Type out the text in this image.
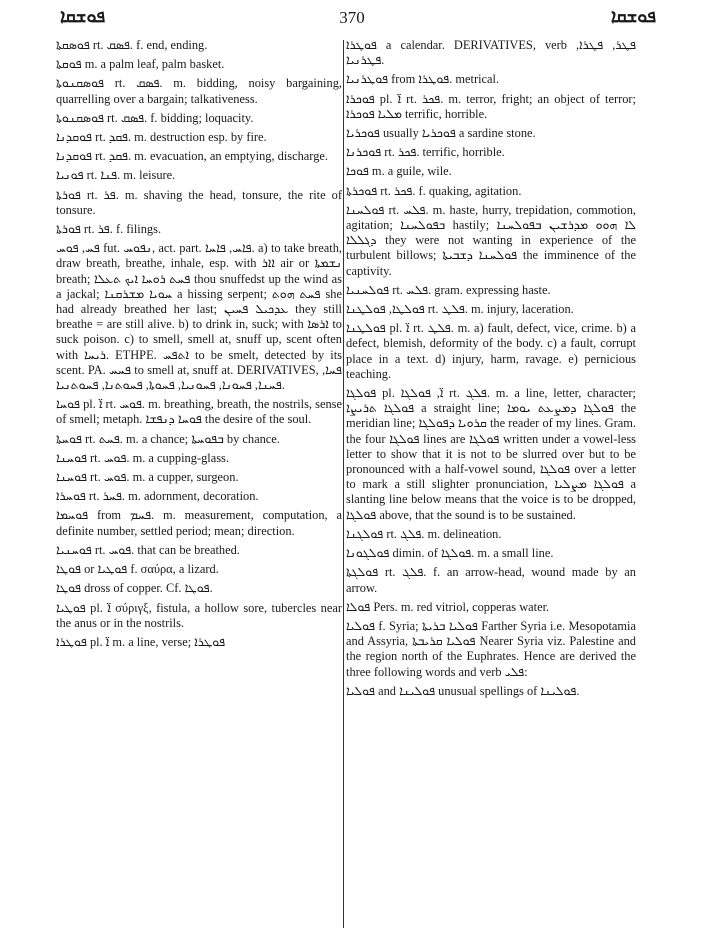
ܦܘܫܩܐ	370	ܦܘܫܩܐ

ܦܘܣܩܬܐ rt. ܦܣܩ. f. end, ending.

ܦܘܩܬܐ m. a palm leaf, palm basket.

ܦܘܣܩܢܘܬܐ rt. ܦܣܩ. m. bidding, noisy bargaining, quarrelling over a bargain; talkativeness.

ܦܘܣܩܢܘܬܐ rt. ܦܣܩ. f. bidding; loquacity.

ܦܘܩܕܢܐ rt. ܦܩܕ. m. destruction esp. by fire.

ܦܘܩܕܢܐ rt. ܦܩܕ. m. evacuation, an emptying, discharge.

ܦܘܢܝܐ rt. ܦܢܐ. m. leisure.

ܦܘܪܬܐ rt. ܦܪ. m. shaving the head, tonsure, the rite of tonsure.

ܦܘܪܬܐ rt. ܦܪ. f. filings.

ܦܚ, ܦܘܚ fut. ܢܦܘܚ, act. part. ܦܐܚ, ܦܐܚܐ. a) to take breath, draw breath, breathe, inhale, esp. with ܐܐܪ air or ܢܫܡܬܐ breath; ܦܚܬ ܪܘܚܐ ܐܝܟ ܬܥܠܐ thou snuffedst up the wind as a jackal; ܚܘܝܐ ܡܫܪܩܢܐ a hissing serpent; ܦܚܬ ܗܘܬ she had already breathed her last; ܥܕܟܝܠ ܦܚܝܢ they still breathe = are still alive. b) to drink in, suck; with ܐܪܣܐ to suck poison. c) to smell, smell at, snuff up, scent often with ܪܝܚܐ. ETHPE. ܐܬܦܚ to be smelt, detected by its scent. PA. ܦܚܚ to smell at, snuff at. DERIVATIVES, ܦܚܐ, ܦܚܢܐ, ܦܚܘܢܐ, ܦܚܘܢܝܐ, ܦܚܘܬܐ, ܦܚܘܬܢܐ, ܦܚܘܬܢܝܐ.

ܦܘܚܐ pl. ܐ̈ rt. ܦܘܚ. m. breathing, breath, the nostrils, sense of smell; metaph. ܦܘܚܐ ܕܢܦܫܐ the desire of the soul.

ܦܘܚܬܐ rt. ܦܚܬ. m. a chance; ܒܦܘܚܬܐ by chance.

ܦܘܚܢܐ rt. ܦܘܚ. m. a cupping-glass.

ܦܘܚܢܐ rt. ܦܘܚ. m. a cupper, surgeon.

ܦܘܚܪܐ rt. ܦܚܪ. m. adornment, decoration.

ܦܘܚܡܐ from ܦܚܡ. m. measurement, computation, a definite number, settled period; mean; direction.

ܦܘܚܢܝܐ rt. ܦܘܚ. that can be breathed.

ܦܘܛܐ or ܦܘܛܝܐ f. σαύρα, a lizard.

ܦܘܛܐ dross of copper. Cf. ܦܘܛܐ.

ܦܘܛܝܐ pl. ܐ̈ σύριγξ, fistula, a hollow sore, tubercles near the anus or in the nostrils.

ܦܘܛܪܐ pl. ܐ̈ m. a line, verse; ܦܘܛܪܐ

ܦܘܛܪܐ a calendar. DERIVATIVES, verb ܦܛܪ, ܦܛܪܐ, ܦܛܪܢܝܐ.

ܦܘܛܪܢܝܐ from ܦܘܛܪܐ. metrical.

ܦܘܟܪܐ pl. ܐ̈ rt. ܦܟܪ. m. terror, fright; an object of terror; ܡܠܝܐ ܦܘܟܪܐ terrific, horrible.

ܦܘܟܪܝܐ usually ܦܘܟܪܝܐ a sardine stone.

ܦܘܟܪܢܐ rt. ܦܟܪ. terrific, horrible.

ܦܘܟܐ m. a guile, wile.

ܦܘܟܪܬܐ rt. ܦܟܪ. f. quaking, agitation.

ܦܘܠܚܢܐ rt. ܦܠܚ. m. haste, hurry, trepidation, commotion, agitation; ܒܦܘܠܚܢܐ hastily; ܠܐ ܗܘܘ ܡܕܪܫܝܢ ܒܦܘܠܚܢܐ ܕܓܠܠܐ they were not wanting in experience of the turbulent billows; ܦܘܠܚܢܐ ܕܫܒܝܬܐ the imminence of the captivity.

ܦܘܠܚܢܝܐ rt. ܦܠܚ. gram. expressing haste.

ܦܘܠܛܐ, ܦܘܠܛܢܐ rt. ܦܠܛ. m. injury, laceration.

ܦܘܠܛܢܐ pl. ܐ̈ rt. ܦܠܛ. m. a) fault, defect, vice, crime. b) a defect, blemish, deformity of the body. c) a fault, corrupt place in a text. d) injury, harm, ravage. e) pernicious teaching.

ܦܘܠܓܐ pl. ܐ̈, ܦܘܠܓܐ rt. ܦܠܓ. m. a line, letter, character; ܦܘܠܓܐ ܬܪܝܨܐ a straight line; ܦܘܠܓܐ ܕܡܨܥܬ ܝܘܡܐ the meridian line; ܩܪܘܝܐ ܕܦܘܠܓܐ the reader of my lines. Gram. the four ܦܘܠܓܐ lines are ܦܘܠܓܐ written under a vowel-less letter to show that it is not to be slurred over but to be pronounced with a half-vowel sound, ܦܘܠܓܐ over a letter to mark a still slighter pronunciation, ܦܘܠܓܐ ܡܨܠܝܐ a slanting line below means that the voice is to be dropped, ܦܘܠܓܐ above, that the sound is to be sustained.

ܦܘܠܓܢܐ rt. ܦܠܓ. m. delineation.

ܦܘܠܓܘܢܐ dimin. of ܦܘܠܓܐ. m. a small line.

ܦܘܠܓܬܐ rt. ܦܠܓ. f. an arrow-head, wound made by an arrow.

ܦܘܠܐ Pers. m. red vitriol, copperas water.

ܦܘܠܝܐ f. Syria; ܦܘܠܝܐ ܒܪܝܬܐ Farther Syria i.e. Mesopotamia and Assyria, ܦܘܠܝܐ ܩܪܝܒܬܐ Nearer Syria viz. Palestine and the region north of the Euphrates. Hence are derived the three following words and verb ܦܠܝ:

ܦܘܠܝܐ and ܦܘܠܝܢܐ unusual spellings of ܦܘܠܝܢܐ.
